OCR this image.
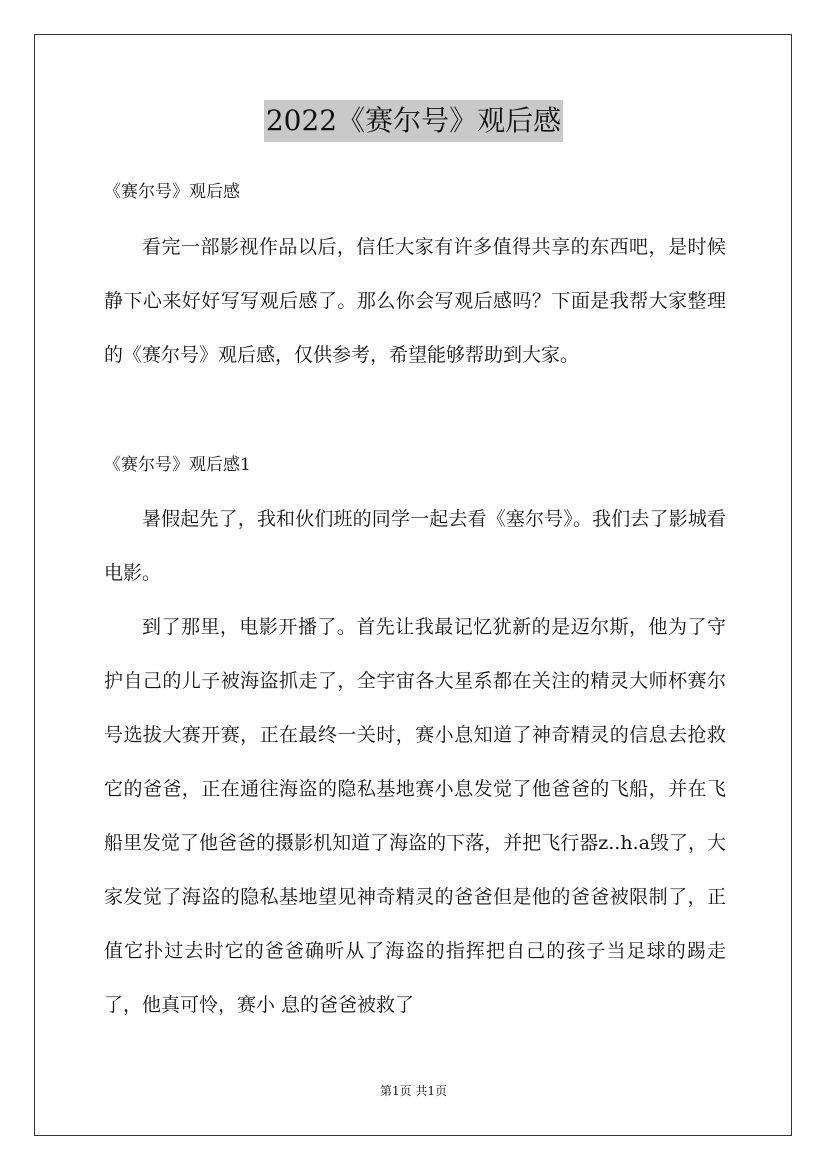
2022《赛尔号》观后感
《赛尔号》观后感

看完一部影视作品以后，信任大家有许多值得共享的东西吧，是时候静下心来好好写写观后感了。那么你会写观后感吗？下面是我帮大家整理的《赛尔号》观后感，仅供参考，希望能够帮助到大家。

《赛尔号》观后感1

暑假起先了，我和伙们班的同学一起去看《塞尔号》。我们去了影城看电影。

到了那里，电影开播了。首先让我最记忆犹新的是迈尔斯，他为了守护自己的儿子被海盗抓走了，全宇宙各大星系都在关注的精灵大师杯赛尔号选拔大赛开赛，正在最终一关时，赛小息知道了神奇精灵的信息去抢救它的爸爸，正在通往海盗的隐私基地赛小息发觉了他爸爸的飞船，并在飞船里发觉了他爸爸的摄影机知道了海盗的下落，并把飞行器z..h.a毁了，大家发觉了海盗的隐私基地望见神奇精灵的爸爸但是他的爸爸被限制了，正值它扑过去时它的爸爸确听从了海盗的指挥把自己的孩子当足球的踢走了，他真可怜，赛小 息的爸爸被救了

第1页 共1页
